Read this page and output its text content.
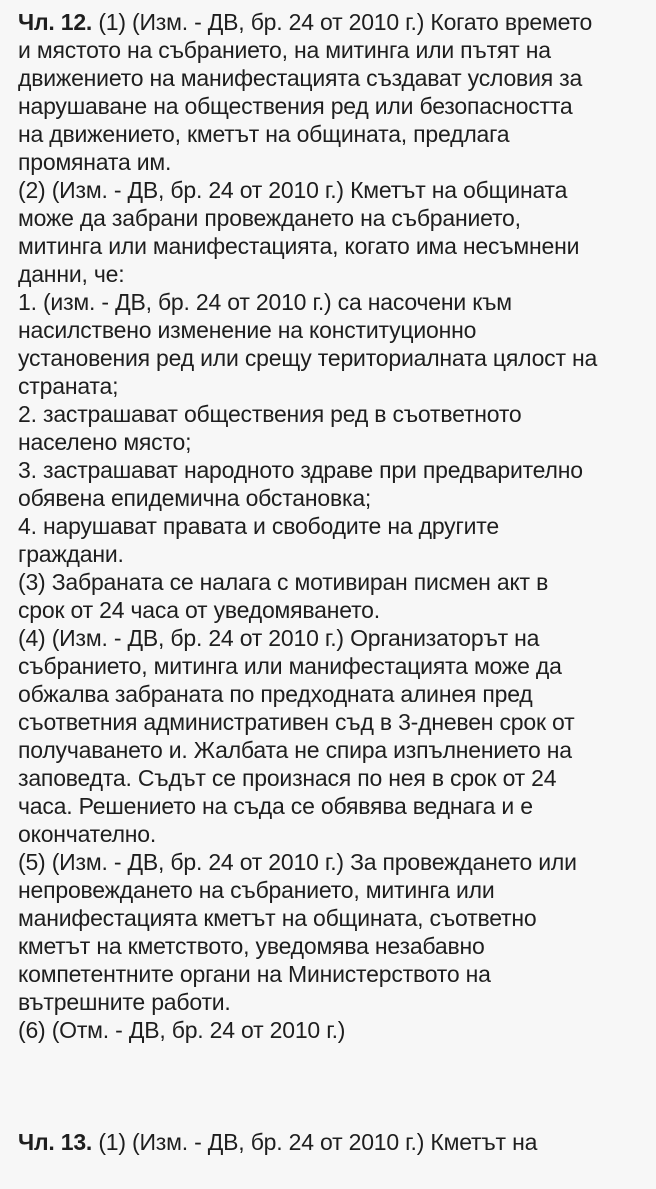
Чл. 12. (1) (Изм. - ДВ, бр. 24 от 2010 г.) Когато времето
и мястото на събранието, на митинга или пътят на
движението на манифестацията създават условия за
нарушаване на обществения ред или безопасността
на движението, кметът на общината, предлага
промяната им.
(2) (Изм. - ДВ, бр. 24 от 2010 г.) Кметът на общината
може да забрани провеждането на събранието,
митинга или манифестацията, когато има несъмнени
данни, че:
1. (изм. - ДВ, бр. 24 от 2010 г.) са насочени към
насилствено изменение на конституционно
установения ред или срещу териториалната цялост на
страната;
2. застрашават обществения ред в съответното
населено място;
3. застрашават народното здраве при предварително
обявена епидемична обстановка;
4. нарушават правата и свободите на другите
граждани.
(3) Забраната се налага с мотивиран писмен акт в
срок от 24 часа от уведомяването.
(4) (Изм. - ДВ, бр. 24 от 2010 г.) Организаторът на
събранието, митинга или манифестацията може да
обжалва забраната по предходната алинея пред
съответния административен съд в 3-дневен срок от
получаването и. Жалбата не спира изпълнението на
заповедта. Съдът се произнася по нея в срок от 24
часа. Решението на съда се обявява веднага и е
окончателно.
(5) (Изм. - ДВ, бр. 24 от 2010 г.) За провеждането или
непровеждането на събранието, митинга или
манифестацията кметът на общината, съответно
кметът на кметството, уведомява незабавно
компетентните органи на Министерството на
вътрешните работи.
(6) (Отм. - ДВ, бр. 24 от 2010 г.)
Чл. 13. (1) (Изм. - ДВ, бр. 24 от 2010 г.) Кметът на
